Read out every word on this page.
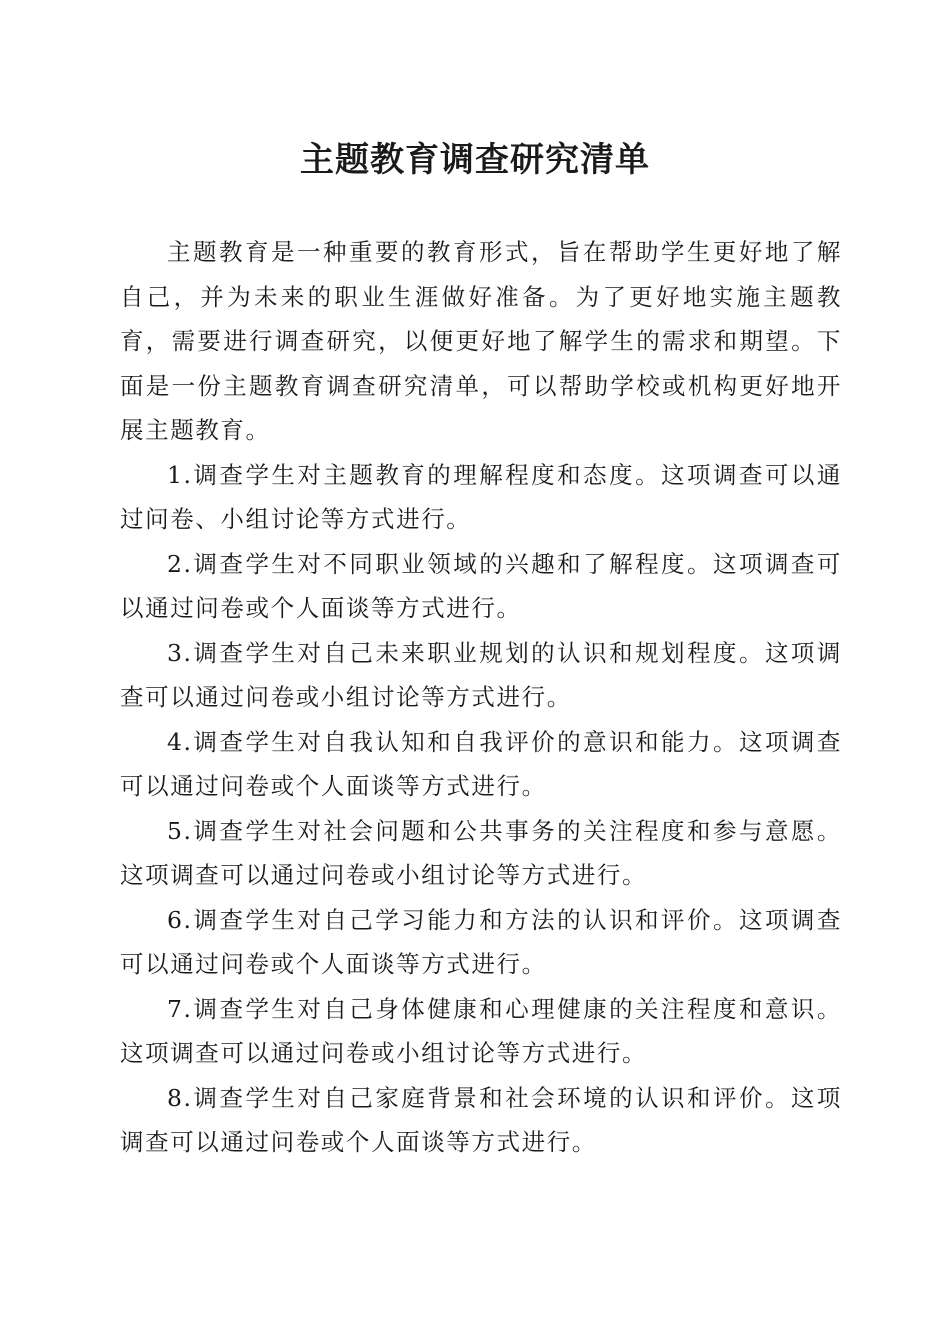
主题教育调查研究清单

主题教育是一种重要的教育形式，旨在帮助学生更好地了解自己，并为未来的职业生涯做好准备。为了更好地实施主题教育，需要进行调查研究，以便更好地了解学生的需求和期望。下面是一份主题教育调查研究清单，可以帮助学校或机构更好地开展主题教育。

1.调查学生对主题教育的理解程度和态度。这项调查可以通过问卷、小组讨论等方式进行。

2.调查学生对不同职业领域的兴趣和了解程度。这项调查可以通过问卷或个人面谈等方式进行。

3.调查学生对自己未来职业规划的认识和规划程度。这项调查可以通过问卷或小组讨论等方式进行。

4.调查学生对自我认知和自我评价的意识和能力。这项调查可以通过问卷或个人面谈等方式进行。

5.调查学生对社会问题和公共事务的关注程度和参与意愿。这项调查可以通过问卷或小组讨论等方式进行。

6.调查学生对自己学习能力和方法的认识和评价。这项调查可以通过问卷或个人面谈等方式进行。

7.调查学生对自己身体健康和心理健康的关注程度和意识。这项调查可以通过问卷或小组讨论等方式进行。

8.调查学生对自己家庭背景和社会环境的认识和评价。这项调查可以通过问卷或个人面谈等方式进行。
